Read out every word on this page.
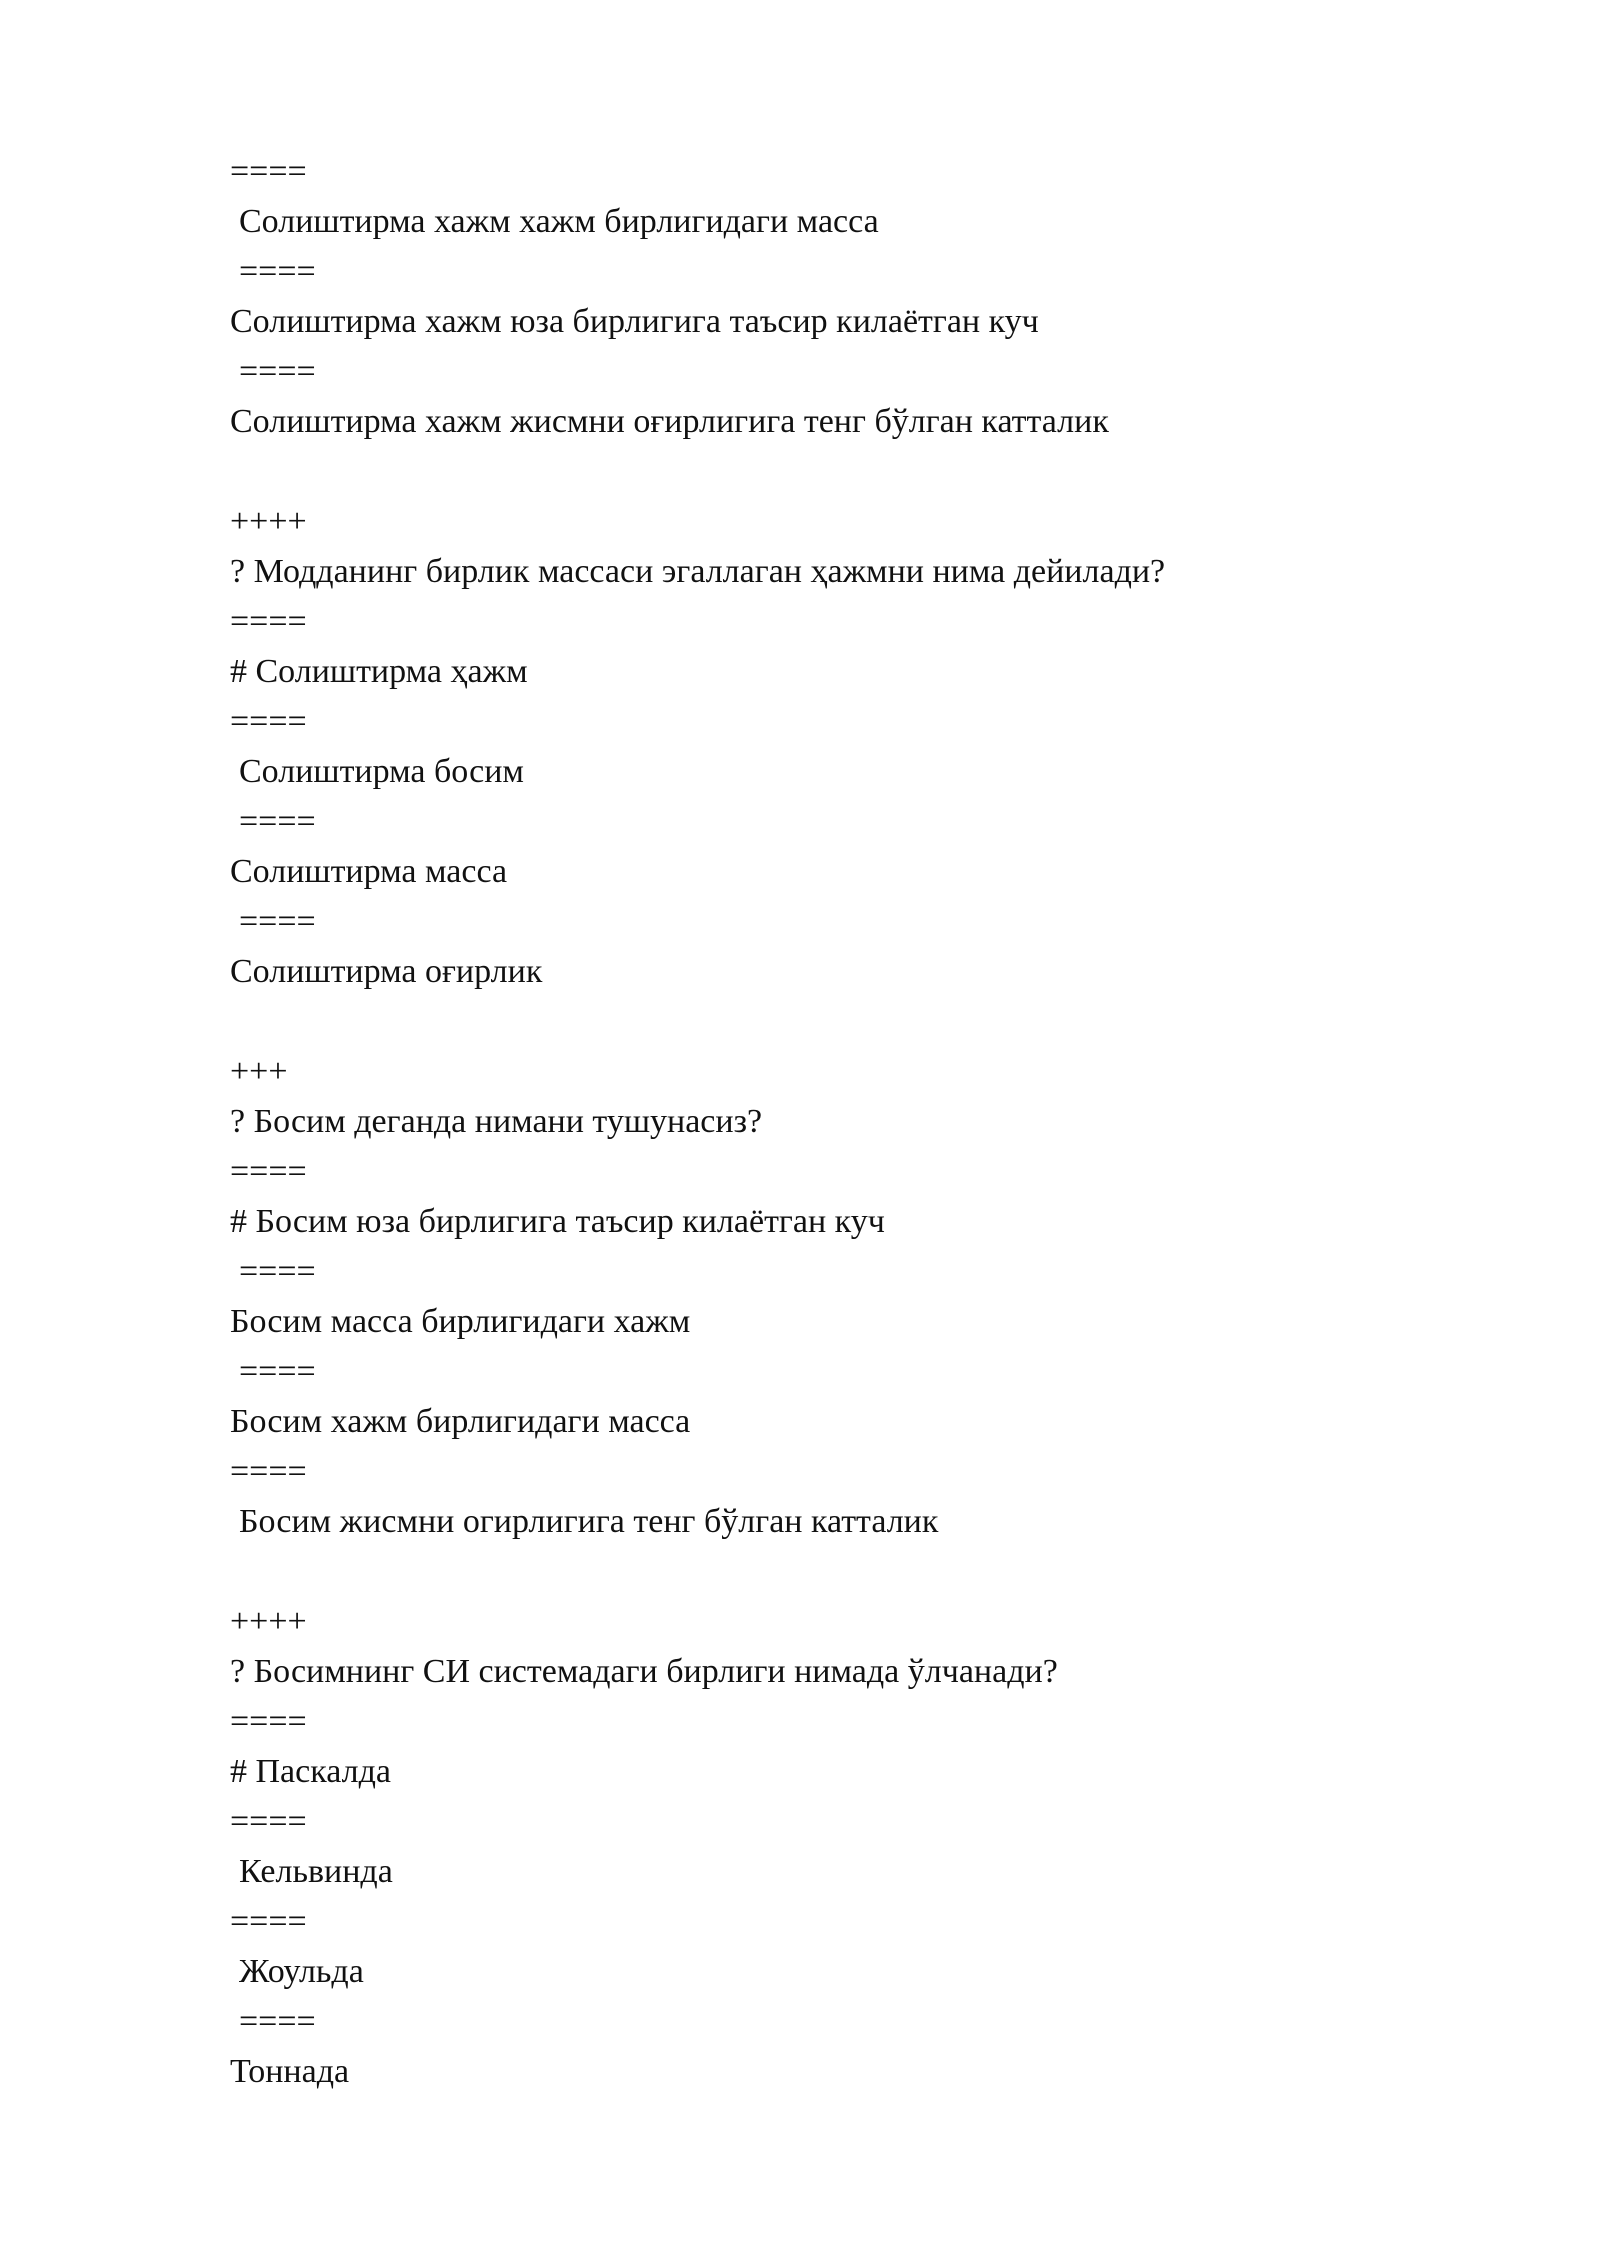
====

Солиштирма хажм хажм бирлигидаги масса

====

Солиштирма хажм юза бирлигига таъсир килаётган куч

====

Солиштирма хажм жисмни оғирлигига тенг бўлган катталик

++++

? Модданинг бирлик массаси эгаллаган ҳажмни нима дейилади?

====

# Солиштирма ҳажм

====

Солиштирма босим

====

Солиштирма масса

====

Солиштирма оғирлик

+++

? Босим деганда нимани тушунасиз?

====

# Босим юза бирлигига таъсир килаётган куч

====

Босим масса бирлигидаги хажм

====

Босим хажм бирлигидаги масса

====

Босим жисмни огирлигига тенг бўлган катталик

++++

? Босимнинг СИ системадаги бирлиги нимада ўлчанади?

====

# Паскалда

====

Кельвинда

====

Жоульда

====

Тоннада
